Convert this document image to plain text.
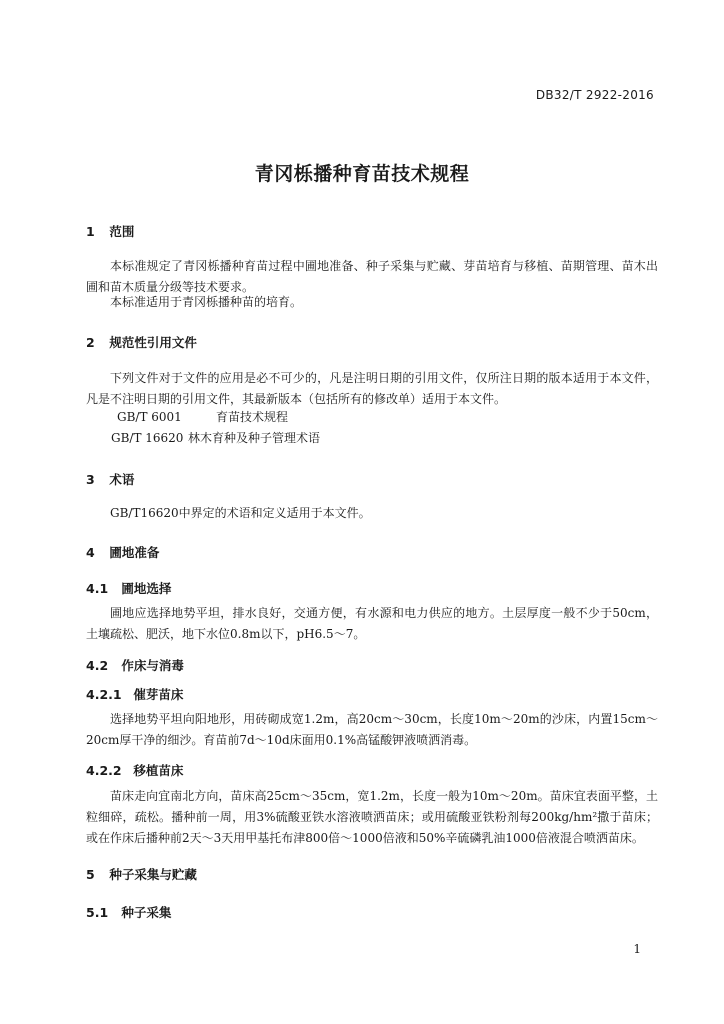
DB32/T 2922-2016
青冈栎播种育苗技术规程
1 范围
本标准规定了青冈栎播种育苗过程中圃地准备、种子采集与贮藏、芽苗培育与移植、苗期管理、苗木出圃和苗木质量分级等技术要求。
本标准适用于青冈栎播种苗的培育。
2 规范性引用文件
下列文件对于文件的应用是必不可少的，凡是注明日期的引用文件，仅所注日期的版本适用于本文件，凡是不注明日期的引用文件，其最新版本（包括所有的修改单）适用于本文件。
GB/T 6001	育苗技术规程
GB/T 16620 林木育种及种子管理术语
3 术语
GB/T16620中界定的术语和定义适用于本文件。
4 圃地准备
4.1 圃地选择
圃地应选择地势平坦，排水良好，交通方便，有水源和电力供应的地方。土层厚度一般不少于50cm，土壤疏松、肥沃，地下水位0.8m以下，pH6.5～7。
4.2 作床与消毒
4.2.1 催芽苗床
选择地势平坦向阳地形，用砖砌成宽1.2m，高20cm～30cm，长度10m～20m的沙床，内置15cm～20cm厚干净的细沙。育苗前7d～10d床面用0.1%高锰酸钾液喷洒消毒。
4.2.2 移植苗床
苗床走向宜南北方向，苗床高25cm～35cm，宽1.2m，长度一般为10m～20m。苗床宜表面平整，土粒细碎，疏松。播种前一周，用3%硫酸亚铁水溶液喷洒苗床；或用硫酸亚铁粉剂每200kg/hm²撒于苗床；或在作床后播种前2天～3天用甲基托布津800倍～1000倍液和50%辛硫磷乳油1000倍液混合喷洒苗床。
5 种子采集与贮藏
5.1 种子采集
1
